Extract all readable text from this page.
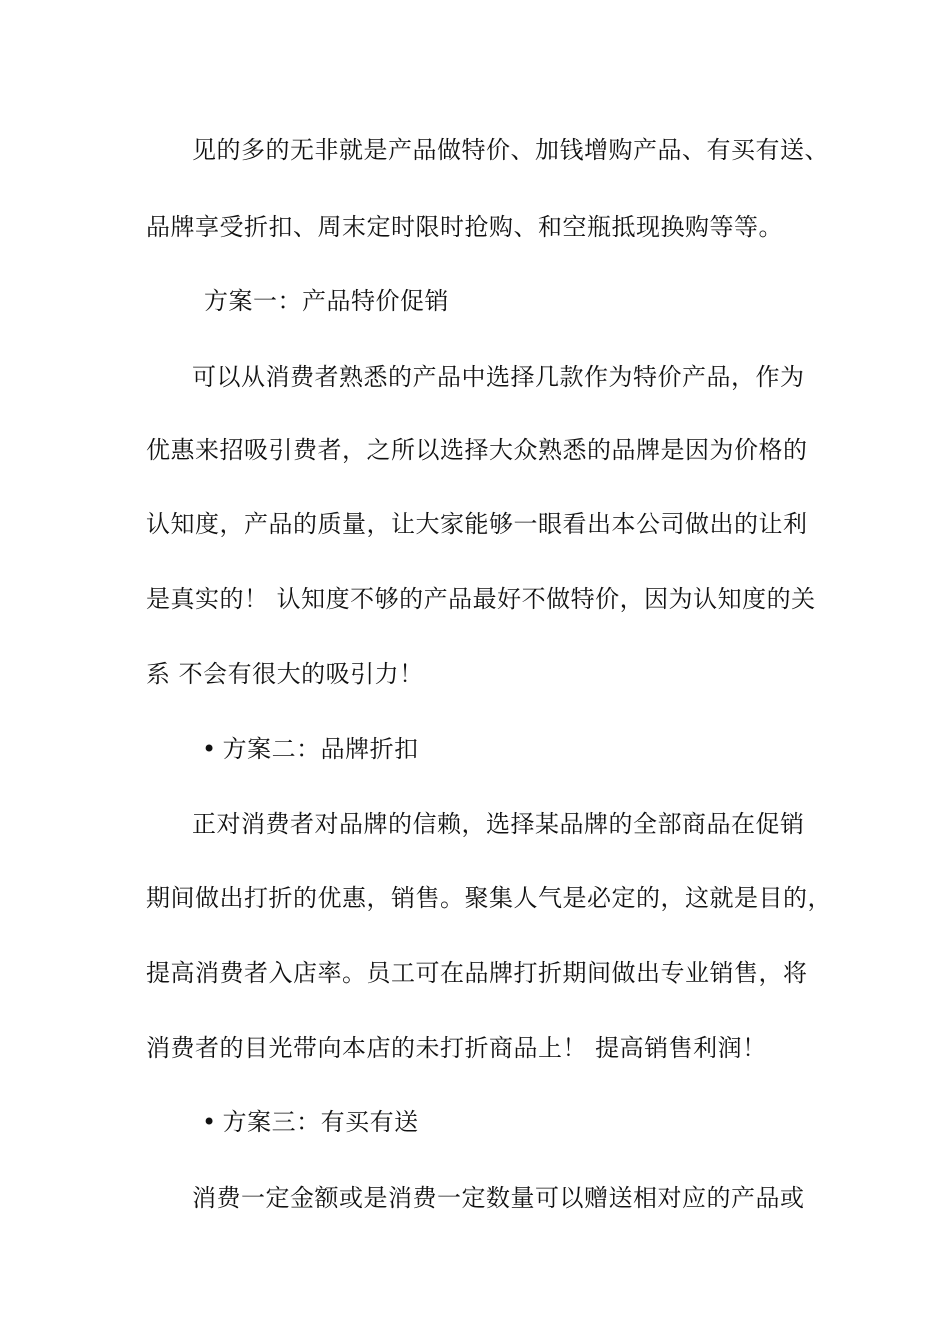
见的多的无非就是产品做特价、加钱增购产品、有买有送、
品牌享受折扣、周末定时限时抢购、和空瓶抵现换购等等。
方案一：产品特价促销
可以从消费者熟悉的产品中选择几款作为特价产品，作为
优惠来招吸引费者，之所以选择大众熟悉的品牌是因为价格的
认知度，产品的质量，让大家能够一眼看出本公司做出的让利
是真实的！ 认知度不够的产品最好不做特价，因为认知度的关
系 不会有很大的吸引力！
• 方案二：品牌折扣
正对消费者对品牌的信赖，选择某品牌的全部商品在促销
期间做出打折的优惠，销售。聚集人气是必定的，这就是目的，
提高消费者入店率。员工可在品牌打折期间做出专业销售，将
消费者的目光带向本店的未打折商品上！ 提高销售利润！
• 方案三：有买有送
消费一定金额或是消费一定数量可以赠送相对应的产品或
